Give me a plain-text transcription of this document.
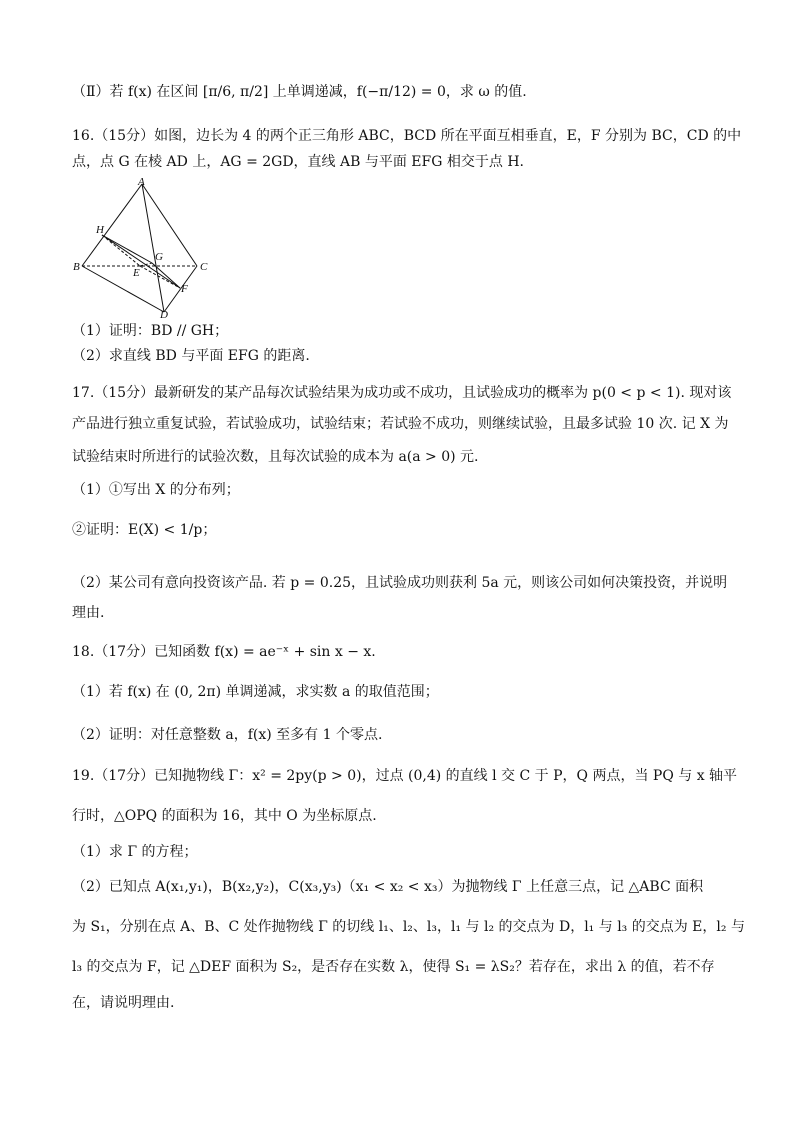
（Ⅱ）若 f(x) 在区间 [π/6, π/2] 上单调递减，f(−π/12) = 0，求 ω 的值.
16.（15分）如图，边长为 4 的两个正三角形 ABC，BCD 所在平面互相垂直，E，F 分别为 BC，CD 的中
点，点 G 在棱 AD 上，AG = 2GD，直线 AB 与平面 EFG 相交于点 H.
A
B	C
D
E
F
G
H
（1）证明：BD // GH；
（2）求直线 BD 与平面 EFG 的距离.
17.（15分）最新研发的某产品每次试验结果为成功或不成功，且试验成功的概率为 p(0 < p < 1). 现对该
产品进行独立重复试验，若试验成功，试验结束；若试验不成功，则继续试验，且最多试验 10 次. 记 X 为
试验结束时所进行的试验次数，且每次试验的成本为 a(a > 0) 元.
（1）①写出 X 的分布列；
②证明：E(X) < 1/p；
（2）某公司有意向投资该产品. 若 p = 0.25，且试验成功则获利 5a 元，则该公司如何决策投资，并说明
理由.
18.（17分）已知函数 f(x) = ae⁻ˣ + sin x − x.
（1）若 f(x) 在 (0, 2π) 单调递减，求实数 a 的取值范围；
（2）证明：对任意整数 a，f(x) 至多有 1 个零点.
19.（17分）已知抛物线 Γ：x² = 2py(p > 0)，过点 (0,4) 的直线 l 交 C 于 P，Q 两点，当 PQ 与 x 轴平
行时，△OPQ 的面积为 16，其中 O 为坐标原点.
（1）求 Γ 的方程；
（2）已知点 A(x₁,y₁)，B(x₂,y₂)，C(x₃,y₃)（x₁ < x₂ < x₃）为抛物线 Γ 上任意三点，记 △ABC 面积
为 S₁，分别在点 A、B、C 处作抛物线 Γ 的切线 l₁、l₂、l₃，l₁ 与 l₂ 的交点为 D，l₁ 与 l₃ 的交点为 E，l₂ 与
l₃ 的交点为 F，记 △DEF 面积为 S₂，是否存在实数 λ，使得 S₁ = λS₂？若存在，求出 λ 的值，若不存
在，请说明理由.
